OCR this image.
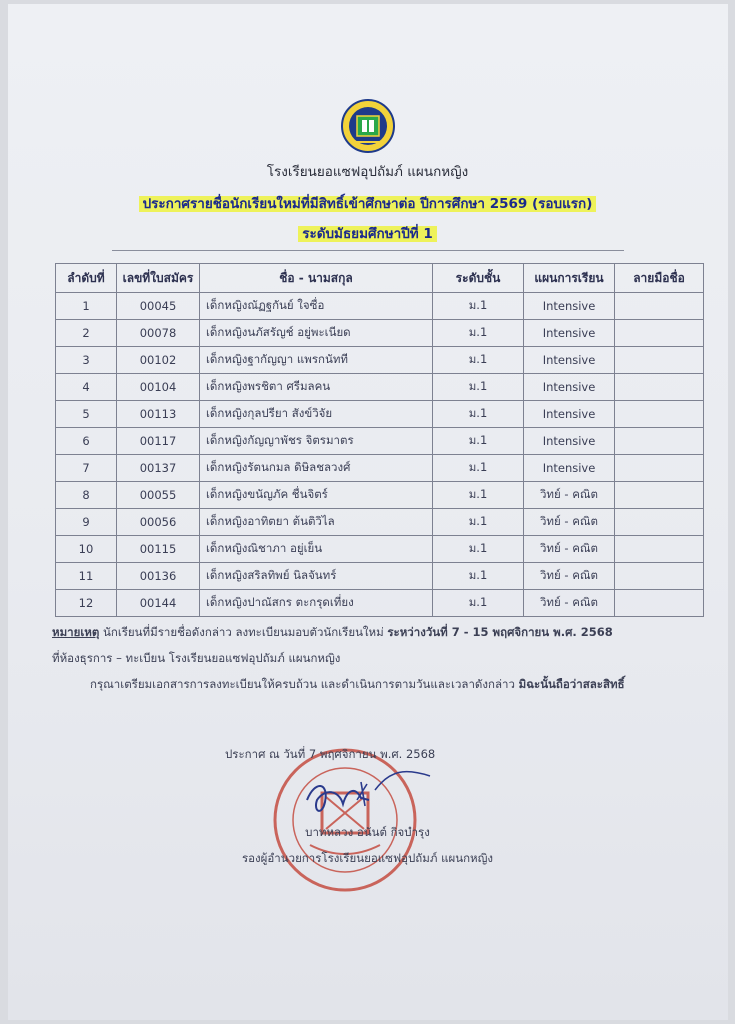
โรงเรียนยอแซฟอุปถัมภ์ แผนกหญิง
ประกาศรายชื่อนักเรียนใหม่ที่มีสิทธิ์เข้าศึกษาต่อ ปีการศึกษา 2569 (รอบแรก)
ระดับมัธยมศึกษาปีที่ 1
ลำดับที่	เลขที่ใบสมัคร	ชื่อ - นามสกุล	ระดับชั้น	แผนการเรียน	ลายมือชื่อ
1	00045	เด็กหญิงณัฏฐกันย์ ใจซื่อ	ม.1	Intensive	
2	00078	เด็กหญิงนภัสรัญช์ อยู่พะเนียด	ม.1	Intensive	
3	00102	เด็กหญิงฐากัญญา แพรกนัทที	ม.1	Intensive	
4	00104	เด็กหญิงพรชิตา ศรีมลคน	ม.1	Intensive	
5	00113	เด็กหญิงกุลปรียา สังข์วิจัย	ม.1	Intensive	
6	00117	เด็กหญิงกัญญาพัชร จิตรมาตร	ม.1	Intensive	
7	00137	เด็กหญิงรัตนกมล ดิษิลชลวงศ์	ม.1	Intensive	
8	00055	เด็กหญิงขนัญภัค ชื่นจิตร์	ม.1	วิทย์ - คณิต	
9	00056	เด็กหญิงอาทิตยา ต้นติวิไล	ม.1	วิทย์ - คณิต	
10	00115	เด็กหญิงณิชาภา อยู่เย็น	ม.1	วิทย์ - คณิต	
11	00136	เด็กหญิงสริลทิพย์ นิลจันทร์	ม.1	วิทย์ - คณิต	
12	00144	เด็กหญิงปาณัสกร ตะกรุดเที่ยง	ม.1	วิทย์ - คณิต	
หมายเหตุ นักเรียนที่มีรายชื่อดังกล่าว ลงทะเบียนมอบตัวนักเรียนใหม่ ระหว่างวันที่ 7 - 15 พฤศจิกายน พ.ศ. 2568
ที่ห้องธุรการ – ทะเบียน โรงเรียนยอแซฟอุปถัมภ์ แผนกหญิง
กรุณาเตรียมเอกสารการลงทะเบียนให้ครบถ้วน และดำเนินการตามวันและเวลาดังกล่าว มิฉะนั้นถือว่าสละสิทธิ์
ประกาศ ณ วันที่ 7 พฤศจิกายน พ.ศ. 2568
บาทหลวง อนันต์ กิจบำรุง
รองผู้อำนวยการโรงเรียนยอแซฟอุปถัมภ์ แผนกหญิง
